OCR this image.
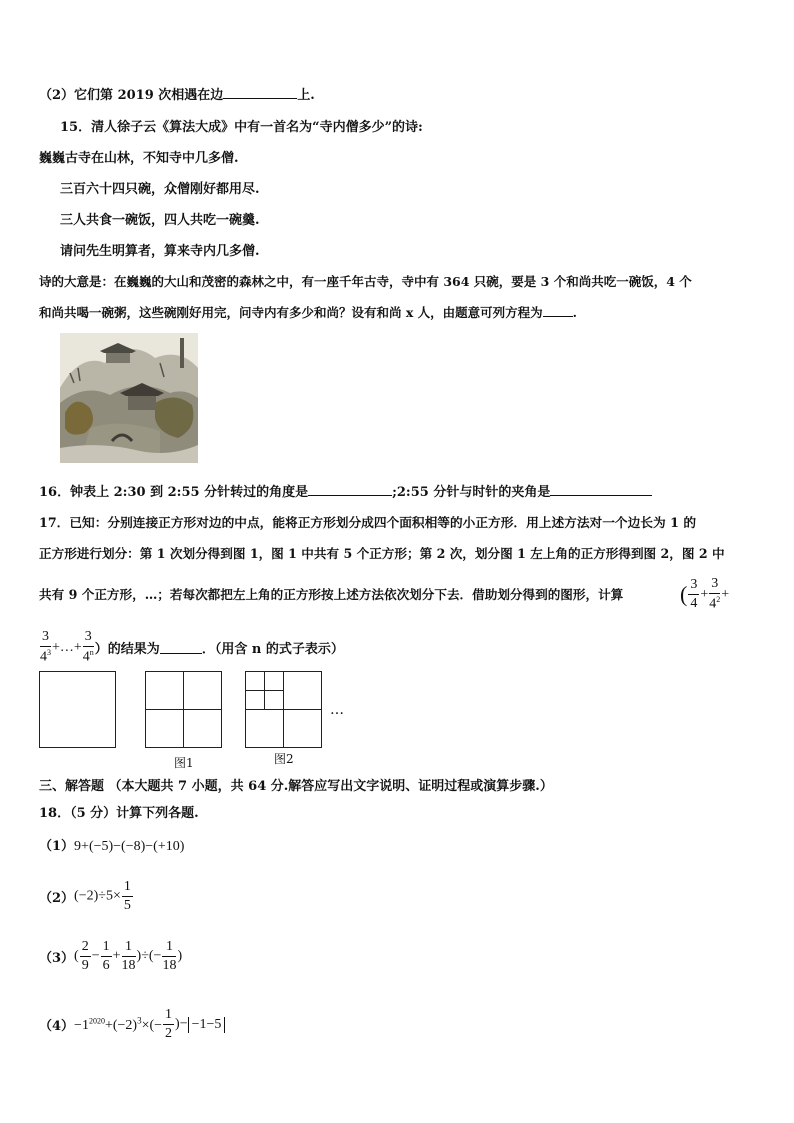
（2）它们第 2019 次相遇在边	上.
15．清人徐子云《算法大成》中有一首名为“寺内僧多少”的诗:
巍巍古寺在山林，不知寺中几多僧.
三百六十四只碗，众僧刚好都用尽.
三人共食一碗饭，四人共吃一碗羹.
请问先生明算者，算来寺内几多僧.
诗的大意是：在巍巍的大山和茂密的森林之中，有一座千年古寺，寺中有 364 只碗，要是 3 个和尚共吃一碗饭，4 个
和尚共喝一碗粥，这些碗刚好用完，问寺内有多少和尚？设有和尚 x 人，由题意可列方程为 .
16．钟表上 2:30 到 2:55 分针转过的角度是	;2:55 分针与时针的夹角是
17．已知：分别连接正方形对边的中点，能将正方形划分成四个面积相等的小正方形．用上述方法对一个边长为 1 的
正方形进行划分：第 1 次划分得到图 1，图 1 中共有 5 个正方形；第 2 次，划分图 1 左上角的正方形得到图 2，图 2 中
共有 9 个正方形，…；若每次都把左上角的正方形按上述方法依次划分下去．借助划分得到的图形，计算	( $\frac{3}{4} + \frac{3}{4^2}$ +
$\frac{3}{4^3}$ +…+ $\frac{3}{4^n}$ ）的结果为	．（用含 n 的式子表示）
图1	图2
…
三、解答题 （本大题共 7 小题，共 64 分.解答应写出文字说明、证明过程或演算步骤.）
18．（5 分）计算下列各题.
（1）9+(−5)−(−8)−(+10)
$(2)(-2)\div 5\times \frac{1}{5}$
$(3)( \frac{2}{9} - \frac{1}{6} + \frac{1}{18}$ )÷(− $\frac{1}{18}$ )
$(4)-1^{2020}+(-2)^3\times(- \frac{1}{2}$ )− −1−5
